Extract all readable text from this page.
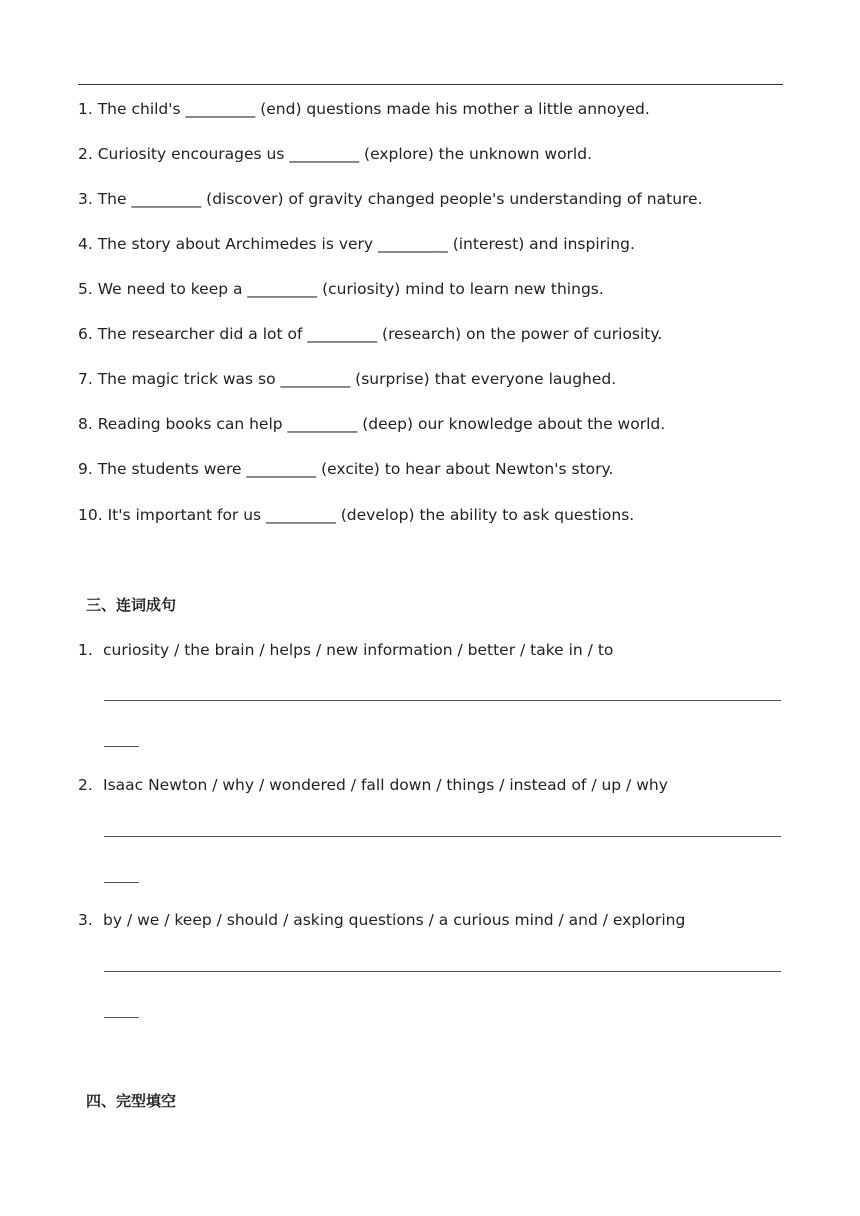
1. The child's _________ (end) questions made his mother a little annoyed.
2. Curiosity encourages us _________ (explore) the unknown world.
3. The _________ (discover) of gravity changed people's understanding of nature.
4. The story about Archimedes is very _________ (interest) and inspiring.
5. We need to keep a _________ (curiosity) mind to learn new things.
6. The researcher did a lot of _________ (research) on the power of curiosity.
7. The magic trick was so _________ (surprise) that everyone laughed.
8. Reading books can help _________ (deep) our knowledge about the world.
9. The students were _________ (excite) to hear about Newton's story.
10. It's important for us _________ (develop) the ability to ask questions.
三、连词成句
1. curiosity / the brain / helps / new information / better / take in / to
2. Isaac Newton / why / wondered / fall down / things / instead of / up / why
3. by / we / keep / should / asking questions / a curious mind / and / exploring
四、完型填空
